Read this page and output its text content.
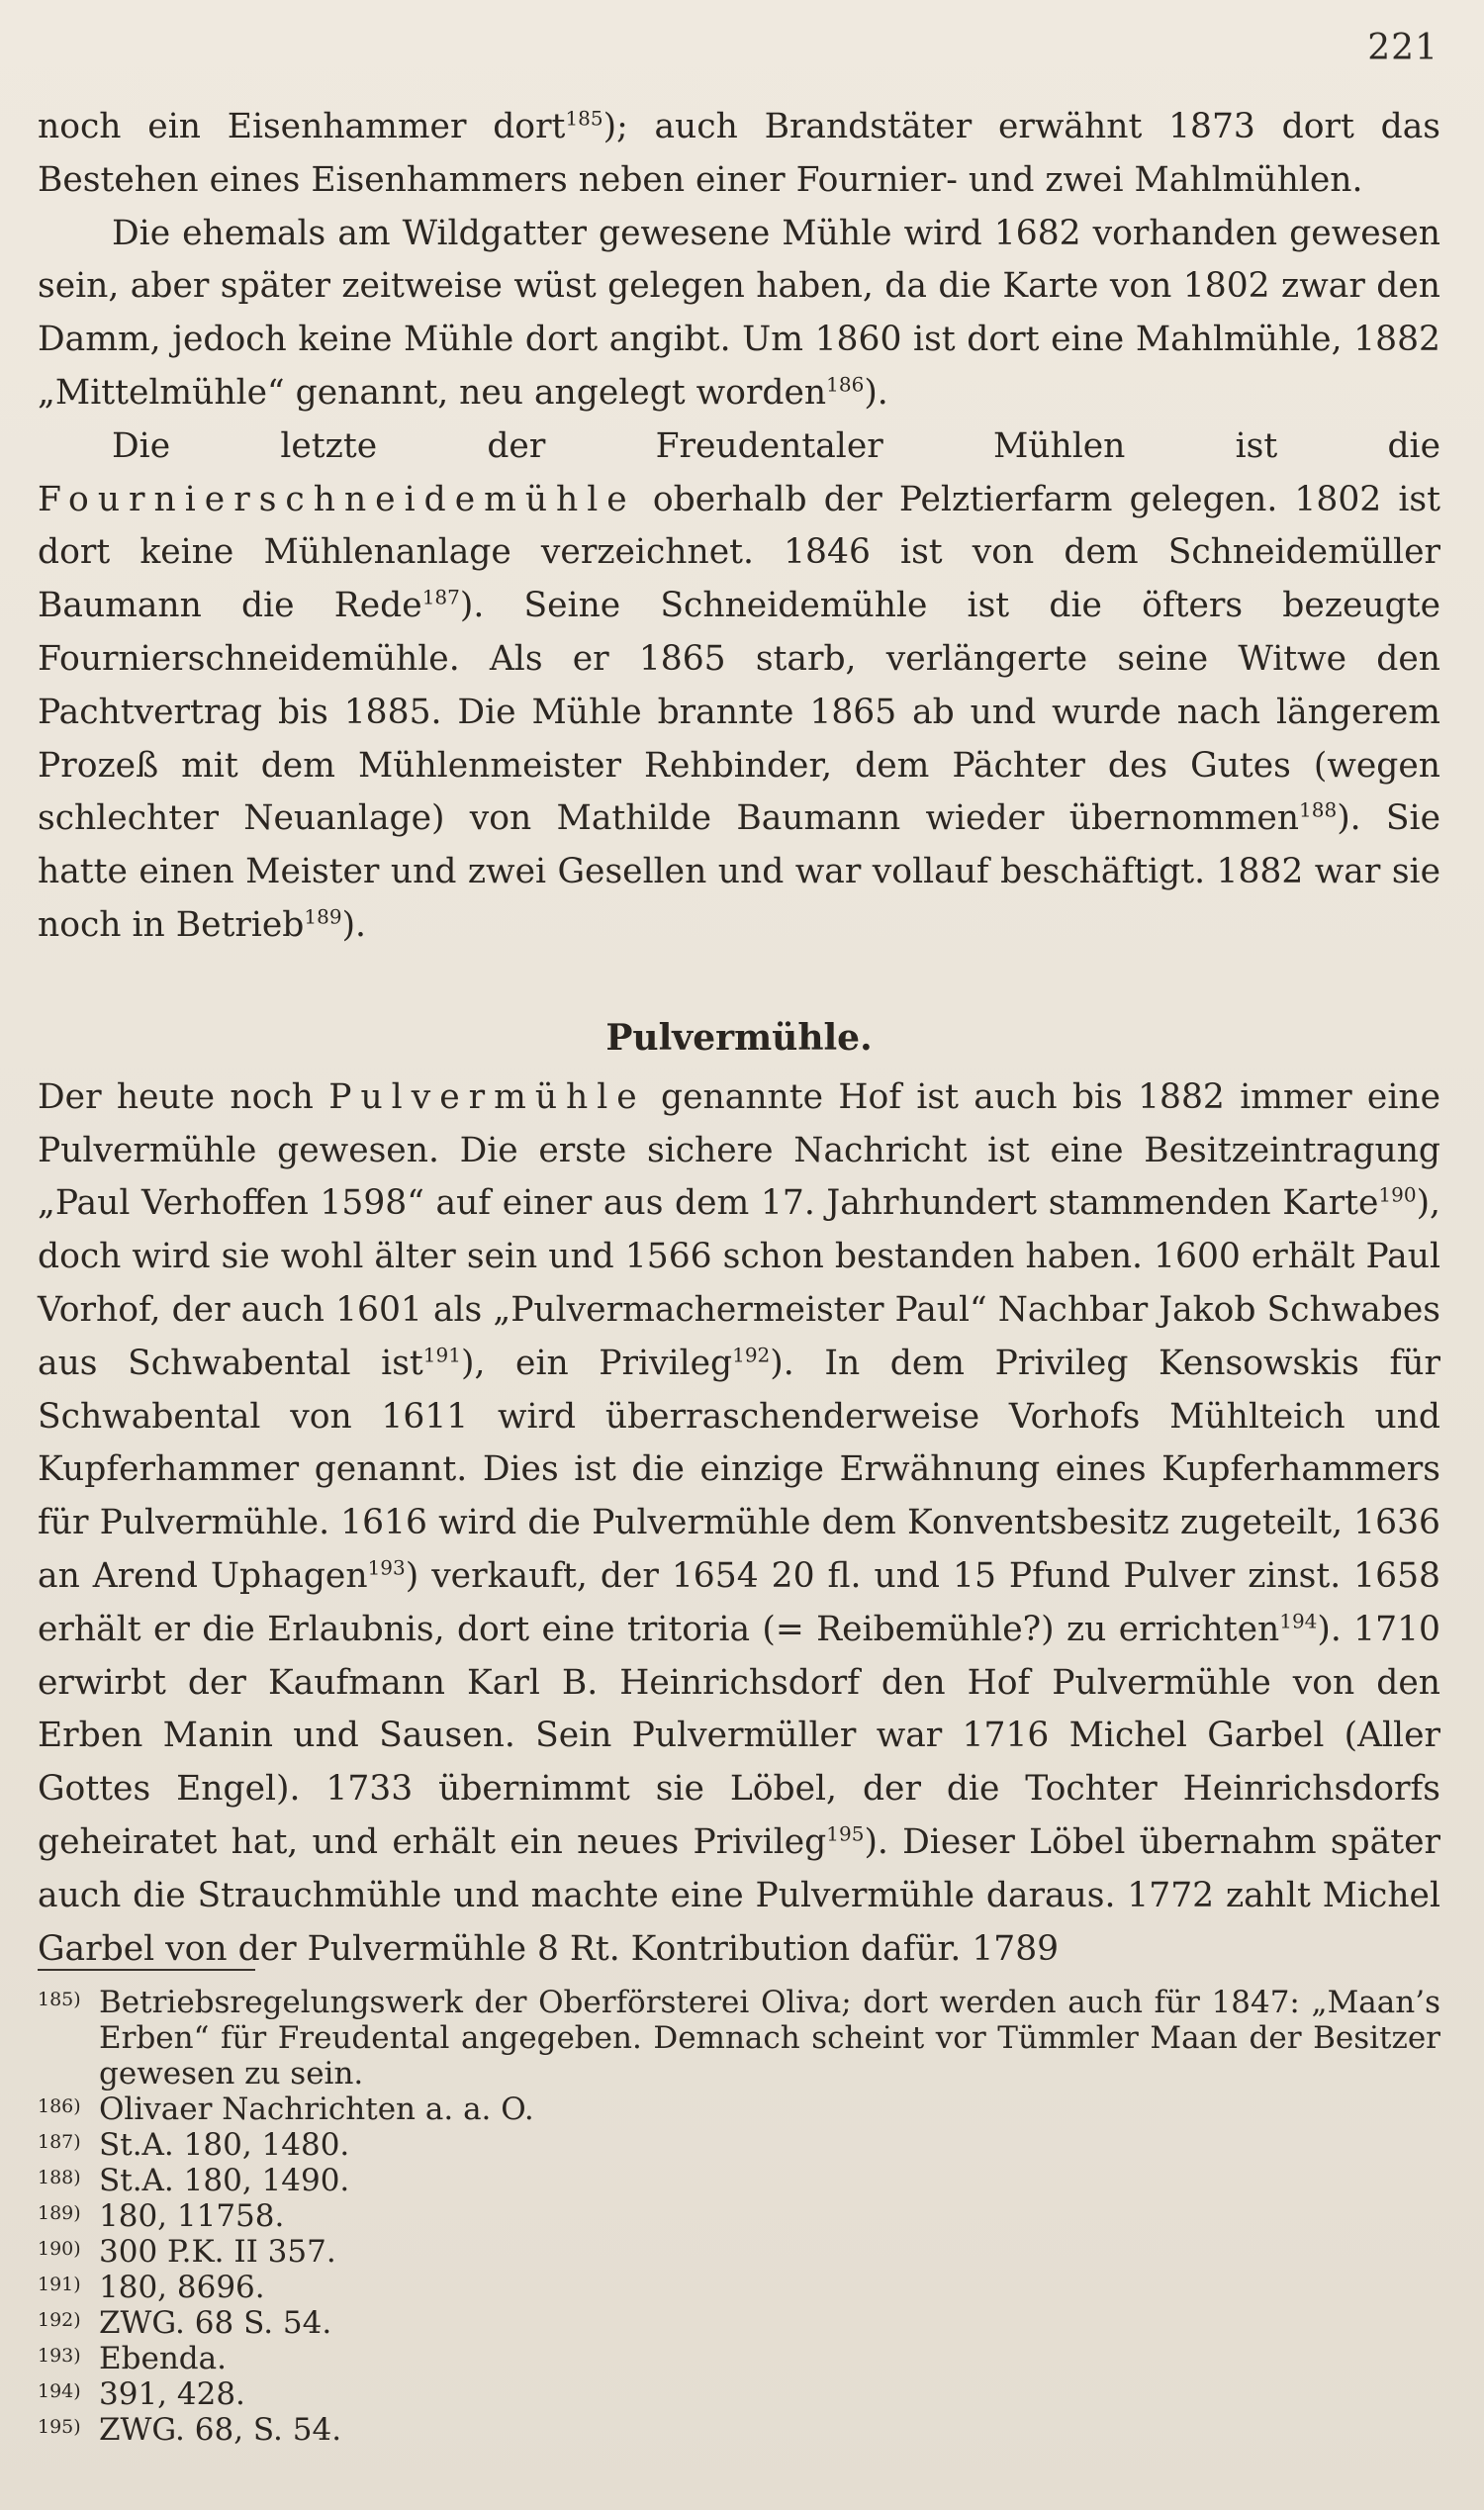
221

noch ein Eisenhammer dort$^{185}$); auch Brandstäter erwähnt 1873 dort das Bestehen eines Eisenhammers neben einer Fournier- und zwei Mahlmühlen.

Die ehemals am Wildgatter gewesene Mühle wird 1682 vorhanden gewesen sein, aber später zeitweise wüst gelegen haben, da die Karte von 1802 zwar den Damm, jedoch keine Mühle dort angibt. Um 1860 ist dort eine Mahlmühle, 1882 „Mittelmühle“ genannt, neu angelegt worden$^{186}$).

Die letzte der Freudentaler Mühlen ist die Fournierschneidemühle oberhalb der Pelztierfarm gelegen. 1802 ist dort keine Mühlenanlage verzeichnet. 1846 ist von dem Schneidemüller Baumann die Rede$^{187}$). Seine Schneidemühle ist die öfters bezeugte Fournierschneidemühle. Als er 1865 starb, verlängerte seine Witwe den Pachtvertrag bis 1885. Die Mühle brannte 1865 ab und wurde nach längerem Prozeß mit dem Mühlenmeister Rehbinder, dem Pächter des Gutes (wegen schlechter Neuanlage) von Mathilde Baumann wieder übernommen$^{188}$). Sie hatte einen Meister und zwei Gesellen und war vollauf beschäftigt. 1882 war sie noch in Betrieb$^{189}$).

Pulvermühle.

Der heute noch Pulvermühle genannte Hof ist auch bis 1882 immer eine Pulvermühle gewesen. Die erste sichere Nachricht ist eine Besitzeintragung „Paul Verhoffen 1598“ auf einer aus dem 17. Jahrhundert stammenden Karte$^{190}$), doch wird sie wohl älter sein und 1566 schon bestanden haben. 1600 erhält Paul Vorhof, der auch 1601 als „Pulvermachermeister Paul“ Nachbar Jakob Schwabes aus Schwabental ist$^{191}$), ein Privileg$^{192}$). In dem Privileg Kensowskis für Schwabental von 1611 wird überraschenderweise Vorhofs Mühlteich und Kupferhammer genannt. Dies ist die einzige Erwähnung eines Kupferhammers für Pulvermühle. 1616 wird die Pulvermühle dem Konventsbesitz zugeteilt, 1636 an Arend Uphagen$^{193}$) verkauft, der 1654 20 fl. und 15 Pfund Pulver zinst. 1658 erhält er die Erlaubnis, dort eine tritoria (= Reibemühle?) zu errichten$^{194}$). 1710 erwirbt der Kaufmann Karl B. Heinrichsdorf den Hof Pulvermühle von den Erben Manin und Sausen. Sein Pulvermüller war 1716 Michel Garbel (Aller Gottes Engel). 1733 übernimmt sie Löbel, der die Tochter Heinrichsdorfs geheiratet hat, und erhält ein neues Privileg$^{195}$). Dieser Löbel übernahm später auch die Strauchmühle und machte eine Pulvermühle daraus. 1772 zahlt Michel Garbel von der Pulvermühle 8 Rt. Kontribution dafür. 1789

185) Betriebsregelungswerk der Oberförsterei Oliva; dort werden auch für 1847: „Maan’s Erben“ für Freudental angegeben. Demnach scheint vor Tümmler Maan der Besitzer gewesen zu sein.
186) Olivaer Nachrichten a. a. O.
187) St.A. 180, 1480.
188) St.A. 180, 1490.
189) 180, 11758.
190) 300 P.K. II 357.
191) 180, 8696.
192) ZWG. 68 S. 54.
193) Ebenda.
194) 391, 428.
195) ZWG. 68, S. 54.
